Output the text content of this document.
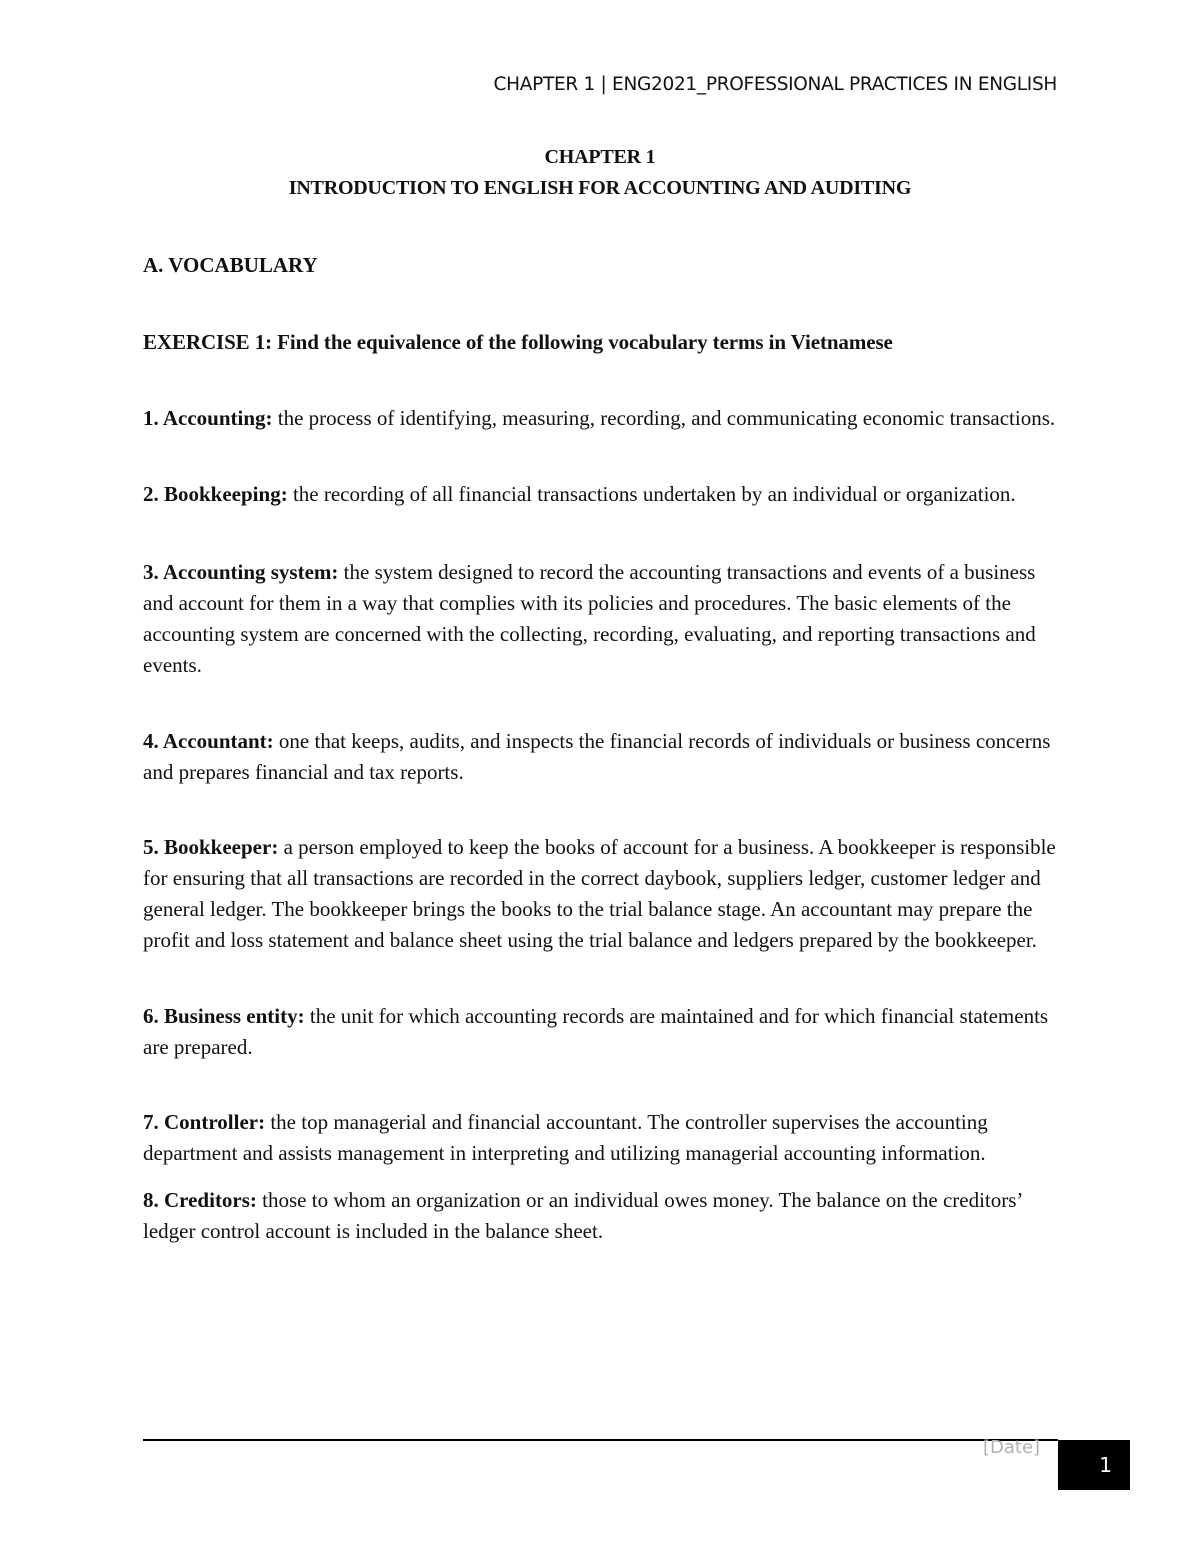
CHAPTER 1 | ENG2021_PROFESSIONAL PRACTICES IN ENGLISH
CHAPTER 1
INTRODUCTION TO ENGLISH FOR ACCOUNTING AND AUDITING
A. VOCABULARY
EXERCISE 1: Find the equivalence of the following vocabulary terms in Vietnamese

1. Accounting: the process of identifying, measuring, recording, and communicating economic transactions.

2. Bookkeeping: the recording of all financial transactions undertaken by an individual or organization.

3. Accounting system: the system designed to record the accounting transactions and events of a business and account for them in a way that complies with its policies and procedures. The basic elements of the accounting system are concerned with the collecting, recording, evaluating, and reporting transactions and events.

4. Accountant: one that keeps, audits, and inspects the financial records of individuals or business concerns and prepares financial and tax reports.

5. Bookkeeper: a person employed to keep the books of account for a business. A bookkeeper is responsible for ensuring that all transactions are recorded in the correct daybook, suppliers ledger, customer ledger and general ledger. The bookkeeper brings the books to the trial balance stage. An accountant may prepare the profit and loss statement and balance sheet using the trial balance and ledgers prepared by the bookkeeper.

6. Business entity: the unit for which accounting records are maintained and for which financial statements are prepared.

7. Controller: the top managerial and financial accountant. The controller supervises the accounting department and assists management in interpreting and utilizing managerial accounting information.

8. Creditors: those to whom an organization or an individual owes money. The balance on the creditors’ ledger control account is included in the balance sheet.

[Date]
1
